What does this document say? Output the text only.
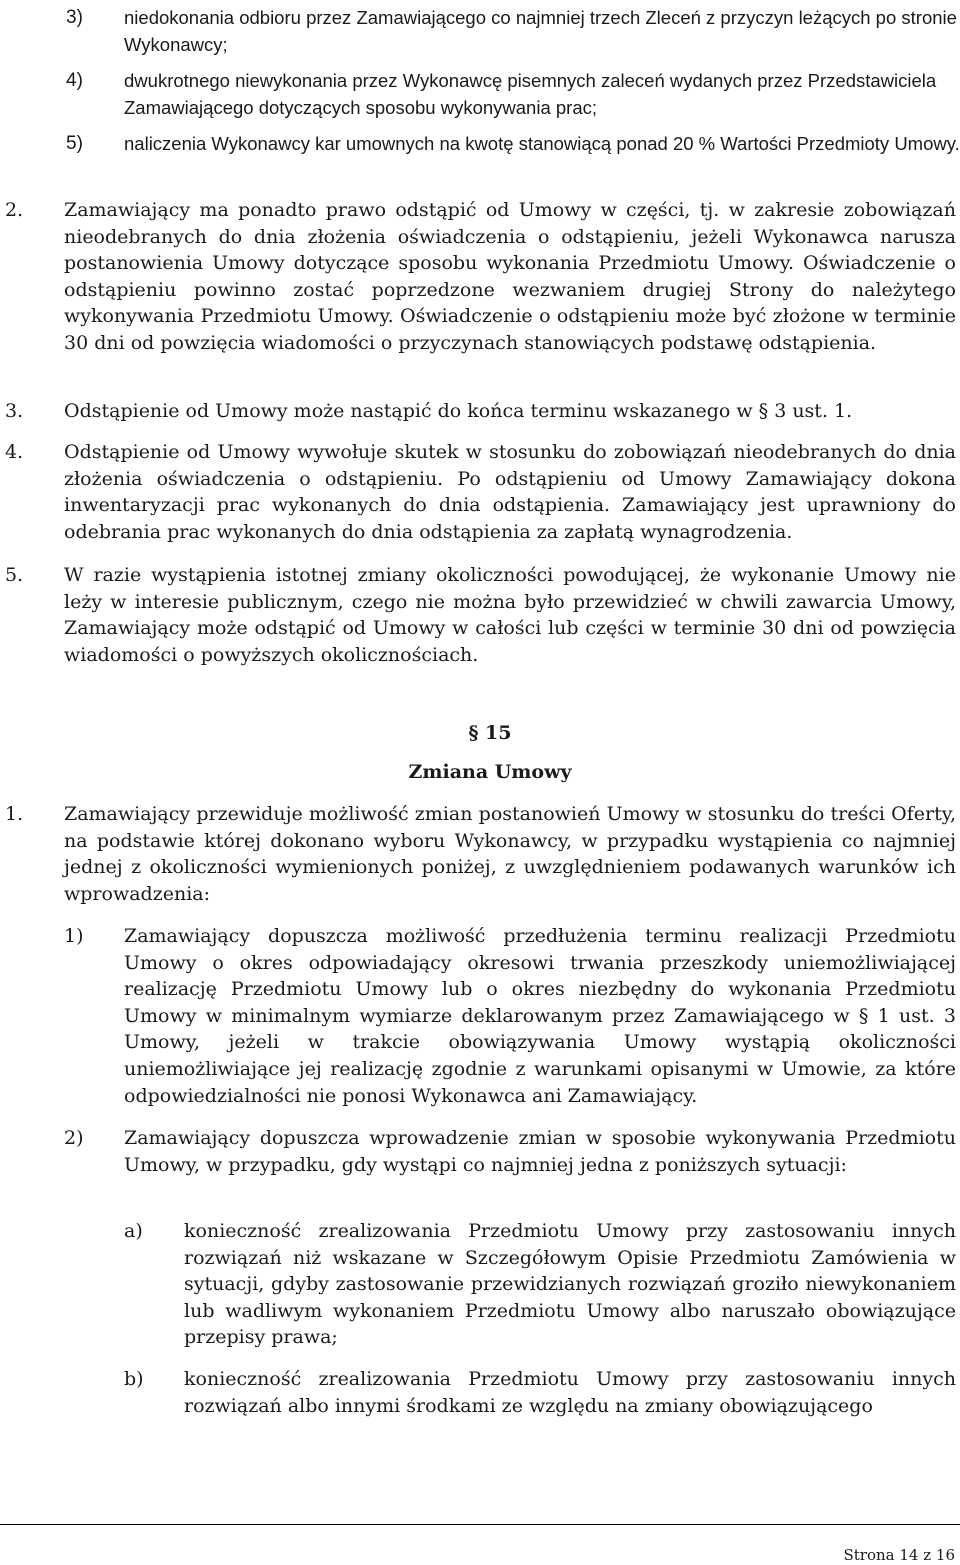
3) niedokonania odbioru przez Zamawiającego co najmniej trzech Zleceń z przyczyn leżących po stronie Wykonawcy;
4) dwukrotnego niewykonania przez Wykonawcę pisemnych zaleceń wydanych przez Przedstawiciela Zamawiającego dotyczących sposobu wykonywania prac;
5) naliczenia Wykonawcy kar umownych na kwotę stanowiącą ponad 20 % Wartości Przedmioty Umowy.
2. Zamawiający ma ponadto prawo odstąpić od Umowy w części, tj. w zakresie zobowiązań nieodebranych do dnia złożenia oświadczenia o odstąpieniu, jeżeli Wykonawca narusza postanowienia Umowy dotyczące sposobu wykonania Przedmiotu Umowy. Oświadczenie o odstąpieniu powinno zostać poprzedzone wezwaniem drugiej Strony do należytego wykonywania Przedmiotu Umowy. Oświadczenie o odstąpieniu może być złożone w terminie 30 dni od powzięcia wiadomości o przyczynach stanowiących podstawę odstąpienia.
3. Odstąpienie od Umowy może nastąpić do końca terminu wskazanego w § 3 ust. 1.
4. Odstąpienie od Umowy wywołuje skutek w stosunku do zobowiązań nieodebranych do dnia złożenia oświadczenia o odstąpieniu. Po odstąpieniu od Umowy Zamawiający dokona inwentaryzacji prac wykonanych do dnia odstąpienia. Zamawiający jest uprawniony do odebrania prac wykonanych do dnia odstąpienia za zapłatą wynagrodzenia.
5. W razie wystąpienia istotnej zmiany okoliczności powodującej, że wykonanie Umowy nie leży w interesie publicznym, czego nie można było przewidzieć w chwili zawarcia Umowy, Zamawiający może odstąpić od Umowy w całości lub części w terminie 30 dni od powzięcia wiadomości o powyższych okolicznościach.
§ 15
Zmiana Umowy
1. Zamawiający przewiduje możliwość zmian postanowień Umowy w stosunku do treści Oferty, na podstawie której dokonano wyboru Wykonawcy, w przypadku wystąpienia co najmniej jednej z okoliczności wymienionych poniżej, z uwzględnieniem podawanych warunków ich wprowadzenia:
1) Zamawiający dopuszcza możliwość przedłużenia terminu realizacji Przedmiotu Umowy o okres odpowiadający okresowi trwania przeszkody uniemożliwiającej realizację Przedmiotu Umowy lub o okres niezbędny do wykonania Przedmiotu Umowy w minimalnym wymiarze deklarowanym przez Zamawiającego w § 1 ust. 3 Umowy, jeżeli w trakcie obowiązywania Umowy wystąpią okoliczności uniemożliwiające jej realizację zgodnie z warunkami opisanymi w Umowie, za które odpowiedzialności nie ponosi Wykonawca ani Zamawiający.
2) Zamawiający dopuszcza wprowadzenie zmian w sposobie wykonywania Przedmiotu Umowy, w przypadku, gdy wystąpi co najmniej jedna z poniższych sytuacji:
a) konieczność zrealizowania Przedmiotu Umowy przy zastosowaniu innych rozwiązań niż wskazane w Szczegółowym Opisie Przedmiotu Zamówienia w sytuacji, gdyby zastosowanie przewidzianych rozwiązań groziło niewykonaniem lub wadliwym wykonaniem Przedmiotu Umowy albo naruszało obowiązujące przepisy prawa;
b) konieczność zrealizowania Przedmiotu Umowy przy zastosowaniu innych rozwiązań albo innymi środkami ze względu na zmiany obowiązującego
Strona 14 z 16
